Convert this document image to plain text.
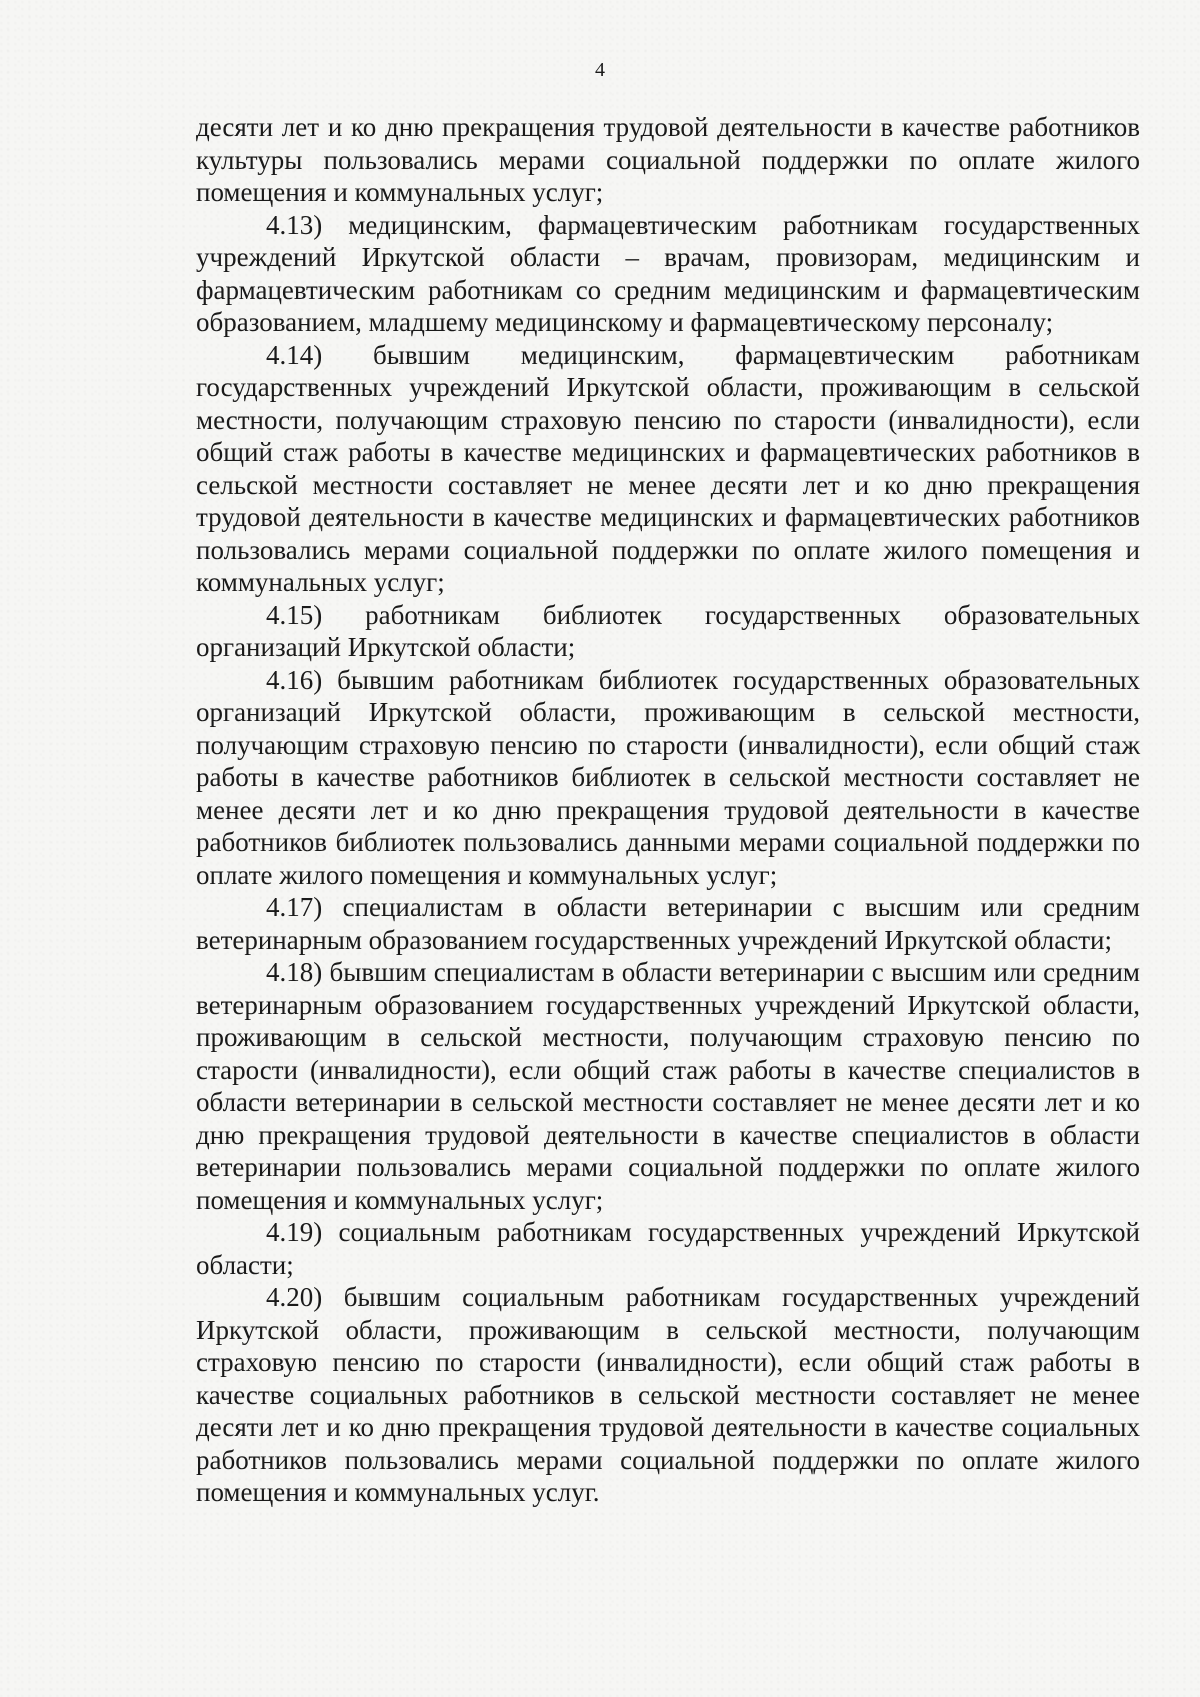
4

десяти лет и ко дню прекращения трудовой деятельности в качестве работников культуры пользовались мерами социальной поддержки по оплате жилого помещения и коммунальных услуг;

4.13) медицинским, фармацевтическим работникам государственных учреждений Иркутской области – врачам, провизорам, медицинским и фармацевтическим работникам со средним медицинским и фармацевтическим образованием, младшему медицинскому и фармацевтическому персоналу;

4.14) бывшим медицинским, фармацевтическим работникам государственных учреждений Иркутской области, проживающим в сельской местности, получающим страховую пенсию по старости (инвалидности), если общий стаж работы в качестве медицинских и фармацевтических работников в сельской местности составляет не менее десяти лет и ко дню прекращения трудовой деятельности в качестве медицинских и фармацевтических работников пользовались мерами социальной поддержки по оплате жилого помещения и коммунальных услуг;

4.15) работникам библиотек государственных образовательных организаций Иркутской области;

4.16) бывшим работникам библиотек государственных образовательных организаций Иркутской области, проживающим в сельской местности, получающим страховую пенсию по старости (инвалидности), если общий стаж работы в качестве работников библиотек в сельской местности составляет не менее десяти лет и ко дню прекращения трудовой деятельности в качестве работников библиотек пользовались данными мерами социальной поддержки по оплате жилого помещения и коммунальных услуг;

4.17) специалистам в области ветеринарии с высшим или средним ветеринарным образованием государственных учреждений Иркутской области;

4.18) бывшим специалистам в области ветеринарии с высшим или средним ветеринарным образованием государственных учреждений Иркутской области, проживающим в сельской местности, получающим страховую пенсию по старости (инвалидности), если общий стаж работы в качестве специалистов в области ветеринарии в сельской местности составляет не менее десяти лет и ко дню прекращения трудовой деятельности в качестве специалистов в области ветеринарии пользовались мерами социальной поддержки по оплате жилого помещения и коммунальных услуг;

4.19) социальным работникам государственных учреждений Иркутской области;

4.20) бывшим социальным работникам государственных учреждений Иркутской области, проживающим в сельской местности, получающим страховую пенсию по старости (инвалидности), если общий стаж работы в качестве социальных работников в сельской местности составляет не менее десяти лет и ко дню прекращения трудовой деятельности в качестве социальных работников пользовались мерами социальной поддержки по оплате жилого помещения и коммунальных услуг.
